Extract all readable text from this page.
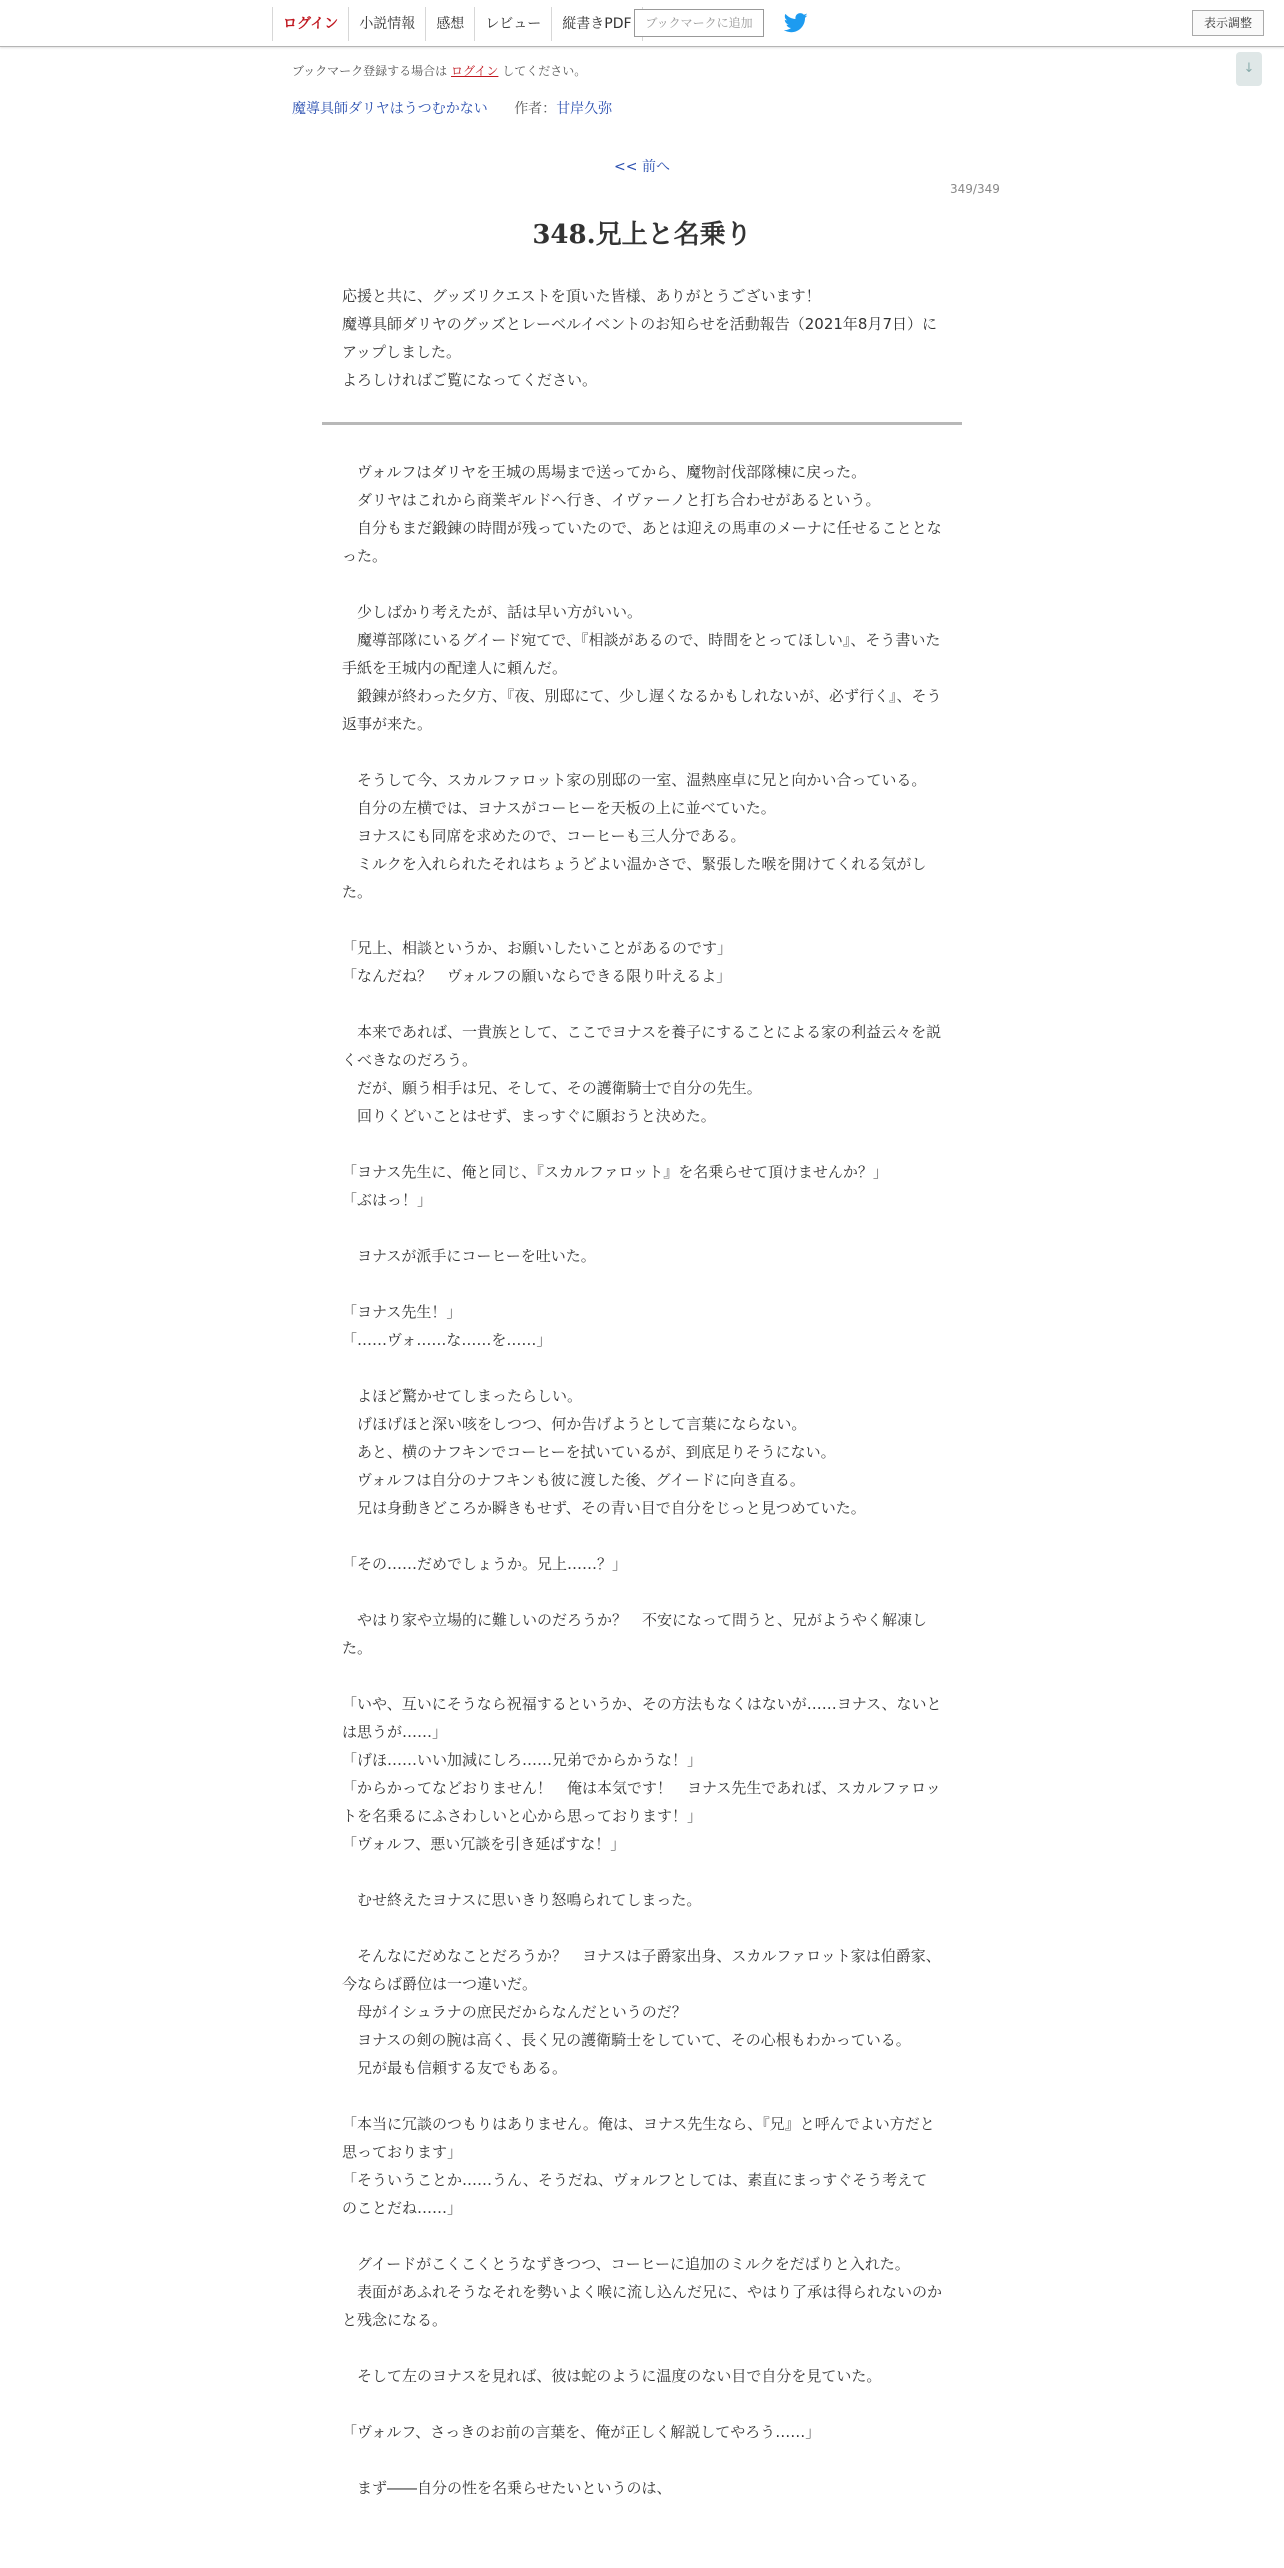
ログイン	小説情報	感想	レビュー	縦書きPDF	ブックマークに追加	表示調整
↓
ブックマーク登録する場合は ログイン してください。
魔導具師ダリヤはうつむかない 作者：甘岸久弥
<< 前へ
349/349
348.兄上と名乗り

応援と共に、グッズリクエストを頂いた皆様、ありがとうございます！

魔導具師ダリヤのグッズとレーベルイベントのお知らせを活動報告（2021年8月7日）にアップしました。

よろしければご覧になってください。

　ヴォルフはダリヤを王城の馬場まで送ってから、魔物討伐部隊棟に戻った。

　ダリヤはこれから商業ギルドへ行き、イヴァーノと打ち合わせがあるという。

　自分もまだ鍛錬の時間が残っていたので、あとは迎えの馬車のメーナに任せることとなった。

　少しばかり考えたが、話は早い方がいい。

　魔導部隊にいるグイード宛てで、『相談があるので、時間をとってほしい』、そう書いた手紙を王城内の配達人に頼んだ。

　鍛錬が終わった夕方、『夜、別邸にて、少し遅くなるかもしれないが、必ず行く』、そう返事が来た。

　そうして今、スカルファロット家の別邸の一室、温熱座卓に兄と向かい合っている。

　自分の左横では、ヨナスがコーヒーを天板の上に並べていた。

　ヨナスにも同席を求めたので、コーヒーも三人分である。

　ミルクを入れられたそれはちょうどよい温かさで、緊張した喉を開けてくれる気がした。

「兄上、相談というか、お願いしたいことがあるのです」

「なんだね？　ヴォルフの願いならできる限り叶えるよ」

　本来であれば、一貴族として、ここでヨナスを養子にすることによる家の利益云々を説くべきなのだろう。

　だが、願う相手は兄、そして、その護衛騎士で自分の先生。

　回りくどいことはせず、まっすぐに願おうと決めた。

「ヨナス先生に、俺と同じ、『スカルファロット』を名乗らせて頂けませんか？」

「ぶはっ！」

　ヨナスが派手にコーヒーを吐いた。

「ヨナス先生！」

「……ヴォ……な……を……」

　よほど驚かせてしまったらしい。

　げほげほと深い咳をしつつ、何か告げようとして言葉にならない。

　あと、横のナフキンでコーヒーを拭いているが、到底足りそうにない。

　ヴォルフは自分のナフキンも彼に渡した後、グイードに向き直る。

　兄は身動きどころか瞬きもせず、その青い目で自分をじっと見つめていた。

「その……だめでしょうか。兄上……？」

　やはり家や立場的に難しいのだろうか？　不安になって問うと、兄がようやく解凍した。

「いや、互いにそうなら祝福するというか、その方法もなくはないが……ヨナス、ないとは思うが……」

「げほ……いい加減にしろ……兄弟でからかうな！」

「からかってなどおりません！　俺は本気です！　ヨナス先生であれば、スカルファロットを名乗るにふさわしいと心から思っております！」

「ヴォルフ、悪い冗談を引き延ばすな！」

　むせ終えたヨナスに思いきり怒鳴られてしまった。

　そんなにだめなことだろうか？　ヨナスは子爵家出身、スカルファロット家は伯爵家、今ならば爵位は一つ違いだ。

　母がイシュラナの庶民だからなんだというのだ？

　ヨナスの剣の腕は高く、長く兄の護衛騎士をしていて、その心根もわかっている。

　兄が最も信頼する友でもある。

「本当に冗談のつもりはありません。俺は、ヨナス先生なら、『兄』と呼んでよい方だと思っております」

「そういうことか……うん、そうだね、ヴォルフとしては、素直にまっすぐそう考えてのことだね……」

　グイードがこくこくとうなずきつつ、コーヒーに追加のミルクをだばりと入れた。

　表面があふれそうなそれを勢いよく喉に流し込んだ兄に、やはり了承は得られないのかと残念になる。

　そして左のヨナスを見れば、彼は蛇のように温度のない目で自分を見ていた。

「ヴォルフ、さっきのお前の言葉を、俺が正しく解説してやろう……」

　まず――自分の性を名乗らせたいというのは、
